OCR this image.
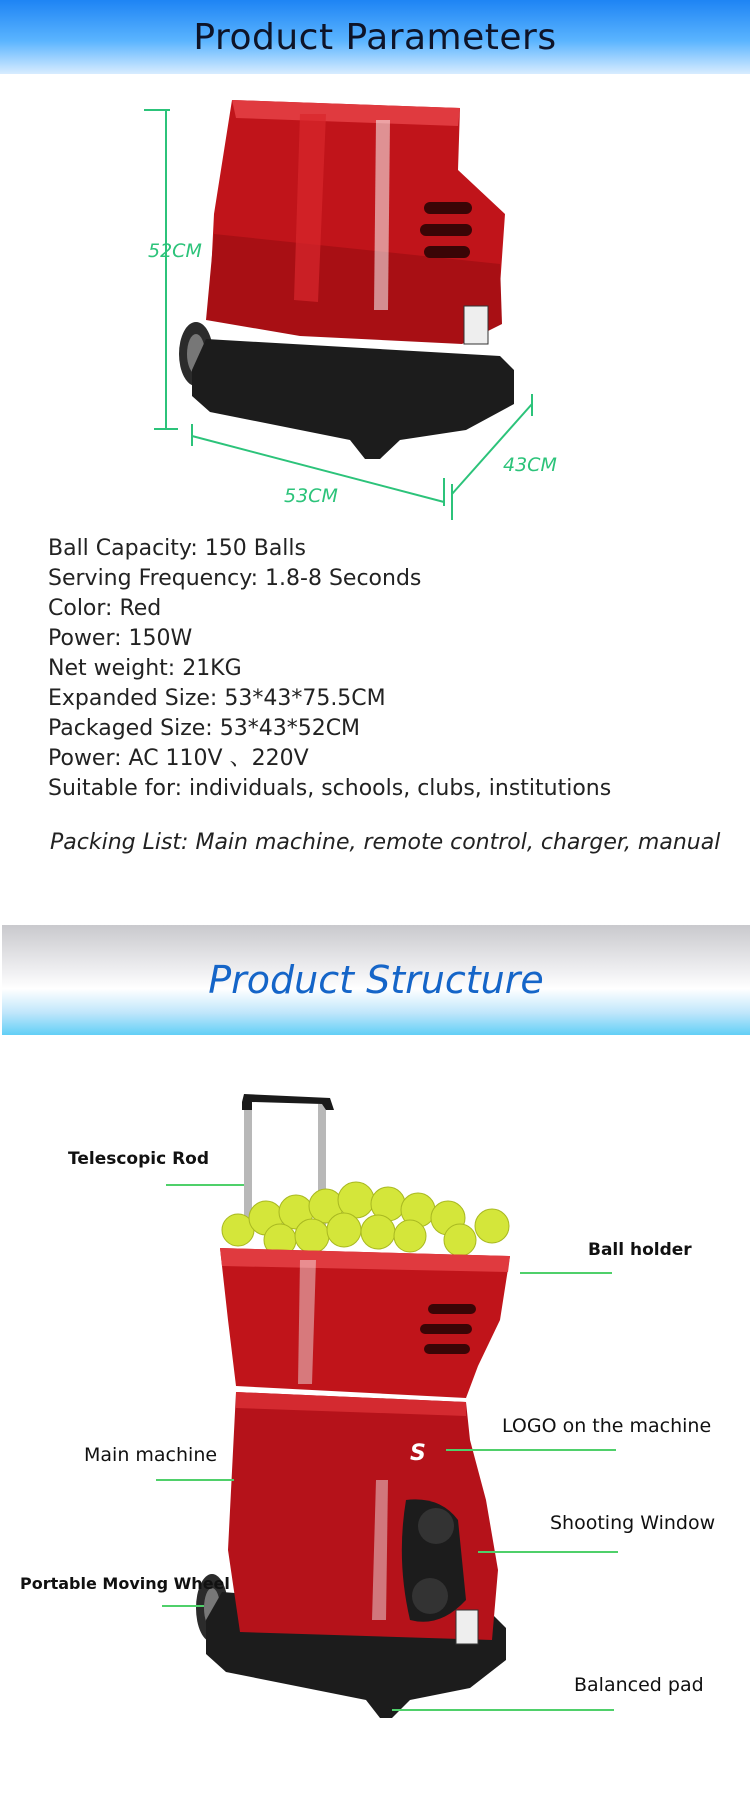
Product Parameters
52CM
53CM
43CM
Ball Capacity: 150 Balls
Serving Frequency: 1.8-8 Seconds
Color: Red
Power: 150W
Net weight: 21KG
Expanded Size: 53*43*75.5CM
Packaged Size: 53*43*52CM
Power: AC 110V 、220V
Suitable for: individuals, schools, clubs, institutions
Packing List: Main machine, remote control, charger, manual
Product Structure
S
Telescopic Rod
Ball holder
LOGO on the machine
Main machine
Shooting Window
Portable Moving Wheel
Balanced pad
